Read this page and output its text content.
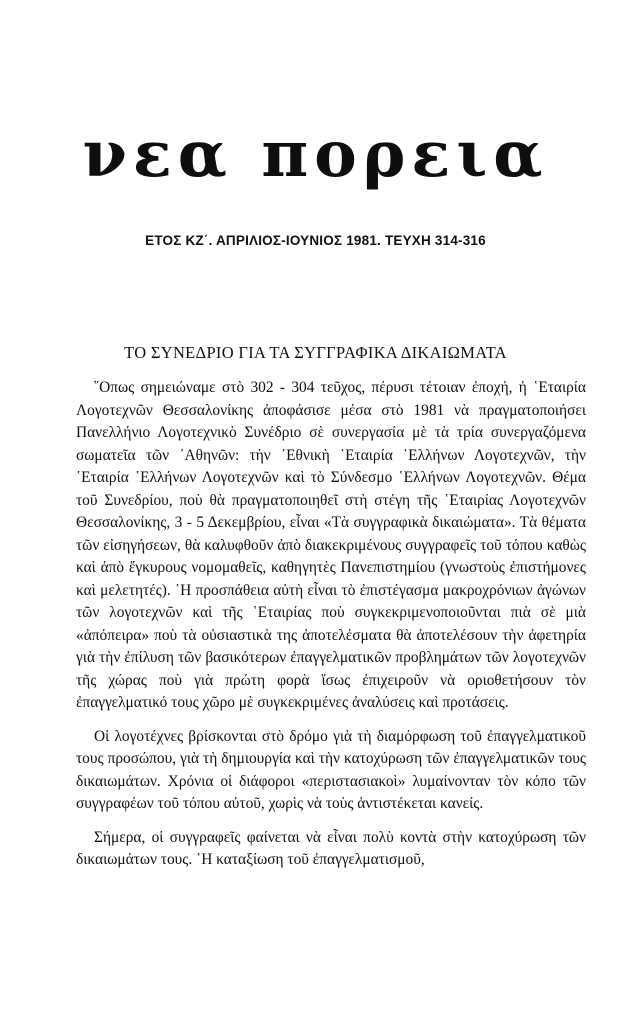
νεα πορεια
ΕΤΟΣ ΚΖ΄. ΑΠΡΙΛΙΟΣ-ΙΟΥΝΙΟΣ 1981. ΤΕΥΧΗ 314-316
ΤΟ ΣΥΝΕΔΡΙΟ ΓΙΑ ΤΑ ΣΥΓΓΡΑΦΙΚΑ ΔΙΚΑΙΩΜΑΤΑ

῞Οπως σημειώναμε στὸ 302 - 304 τεῦχος, πέρυσι τέτοιαν ἐποχή, ἡ ῾Εταιρία Λογοτεχνῶν Θεσσαλονίκης ἀποφάσισε μέσα στὸ 1981 νὰ πραγματοποιήσει Πανελλήνιο Λογοτεχνικὸ Συνέδριο σὲ συνεργασία μὲ τὰ τρία συνεργαζόμενα σωματεῖα τῶν ᾿Αθηνῶν: τὴν ᾿Εθνικὴ ῾Εταιρία ῾Ελλήνων Λογοτεχνῶν, τὴν ῾Εταιρία ῾Ελλήνων Λογοτεχνῶν καὶ τὸ Σύνδεσμο ῾Ελλήνων Λογοτεχνῶν. Θέμα τοῦ Συνεδρίου, ποὺ θὰ πραγματοποιηθεῖ στὴ στέγη τῆς ῾Εταιρίας Λογοτεχνῶν Θεσσαλονίκης, 3 - 5 Δεκεμβρίου, εἶναι «Τὰ συγγραφικὰ δικαιώματα». Τὰ θέματα τῶν εἰσηγήσεων, θὰ καλυφθοῦν ἀπὸ διακεκριμένους συγγραφεῖς τοῦ τόπου καθὼς καὶ ἀπὸ ἔγκυρους νομομαθεῖς, καθηγητὲς Πανεπιστημίου (γνωστοὺς ἐπιστήμονες καὶ μελετητές). ῾Η προσπάθεια αὐτὴ εἶναι τὸ ἐπιστέγασμα μακροχρόνιων ἀγώνων τῶν λογοτεχνῶν καὶ τῆς ῾Εταιρίας ποὺ συγκεκριμενοποιοῦνται πιὰ σὲ μιὰ «ἀπόπειρα» ποὺ τὰ οὐσιαστικὰ της ἀποτελέσματα θὰ ἀποτελέσουν τὴν ἀφετηρία γιὰ τὴν ἐπίλυση τῶν βασικότερων ἐπαγγελματικῶν προβλημάτων τῶν λογοτεχνῶν τῆς χώρας ποὺ γιὰ πρώτη φορὰ ἴσως ἐπιχειροῦν νὰ οριοθετήσουν τὸν ἐπαγγελματικό τους χῶρο μὲ συγκεκριμένες ἀναλύσεις καὶ προτάσεις.

Οἱ λογοτέχνες βρίσκονται στὸ δρόμο γιὰ τὴ διαμόρφωση τοῦ ἐπαγγελματικοῦ τους προσώπου, γιὰ τὴ δημιουργία καὶ τὴν κατοχύρωση τῶν ἐπαγγελματικῶν τους δικαιωμάτων. Χρόνια οἱ διάφοροι «περιστασιακοὶ» λυμαίνονταν τὸν κόπο τῶν συγγραφέων τοῦ τόπου αὐτοῦ, χωρὶς νὰ τοὺς ἀντιστέκεται κανείς.

Σήμερα, οἱ συγγραφεῖς φαίνεται νὰ εἶναι πολὺ κοντὰ στὴν κατοχύρωση τῶν δικαιωμάτων τους. ῾Η καταξίωση τοῦ ἐπαγγελματισμοῦ,
